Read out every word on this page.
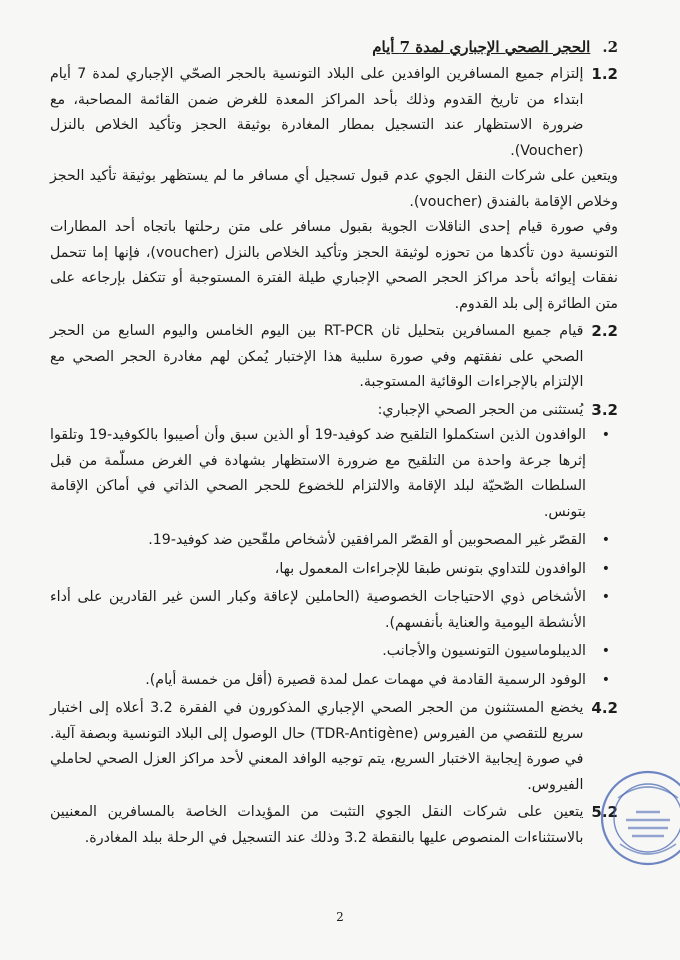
2.
الحجر الصحي الإجباري لمدة 7 أيام
1.2

إلتزام جميع المسافرين الوافدين على البلاد التونسية بالحجر الصحّي الإجباري لمدة 7 أيام ابتداء من تاريخ القدوم وذلك بأحد المراكز المعدة للغرض ضمن القائمة المصاحبة، مع ضرورة الاستظهار عند التسجيل بمطار المغادرة بوثيقة الحجز وتأكيد الخلاص بالنزل (Voucher).

ويتعين على شركات النقل الجوي عدم قبول تسجيل أي مسافر ما لم يستظهر بوثيقة تأكيد الحجز وخلاص الإقامة بالفندق (voucher).

وفي صورة قيام إحدى الناقلات الجوية بقبول مسافر على متن رحلتها باتجاه أحد المطارات التونسية دون تأكدها من تحوزه لوثيقة الحجز وتأكيد الخلاص بالنزل (voucher)، فإنها إما تتحمل نفقات إيوائه بأحد مراكز الحجر الصحي الإجباري طيلة الفترة المستوجبة أو تتكفل بإرجاعه على متن الطائرة إلى بلد القدوم.

2.2

قيام جميع المسافرين بتحليل ثان RT-PCR بين اليوم الخامس واليوم السابع من الحجر الصحي على نفقتهم وفي صورة سلبية هذا الإختبار يُمكن لهم مغادرة الحجر الصحي مع الإلتزام بالإجراءات الوقائية المستوجبة.

3.2

يُستثنى من الحجر الصحي الإجباري:

•
الوافدون الذين استكملوا التلقيح ضد كوفيد-19 أو الذين سبق وأن أصيبوا بالكوفيد-19 وتلقوا إثرها جرعة واحدة من التلقيح مع ضرورة الاستظهار بشهادة في الغرض مسلّمة من قبل السلطات الصّحيّة لبلد الإقامة والالتزام للخضوع للحجر الصحي الذاتي في أماكن الإقامة بتونس.
•
القصّر غير المصحوبين أو القصّر المرافقين لأشخاص ملقّحين ضد كوفيد-19.
•
الوافدون للتداوي بتونس طبقا للإجراءات المعمول بها،
•
الأشخاص ذوي الاحتياجات الخصوصية (الحاملين لإعاقة وكبار السن غير القادرين على أداء الأنشطة اليومية والعناية بأنفسهم).
•
الديبلوماسيون التونسيون والأجانب.
•
الوفود الرسمية القادمة في مهمات عمل لمدة قصيرة (أقل من خمسة أيام).
4.2

يخضع المستثنون من الحجر الصحي الإجباري المذكورون في الفقرة 3.2 أعلاه إلى اختبار سريع للتقصي من الفيروس (TDR-Antigène) حال الوصول إلى البلاد التونسية وبصفة آلية. في صورة إيجابية الاختبار السريع، يتم توجيه الوافد المعني لأحد مراكز العزل الصحي لحاملي الفيروس.

5.2

يتعين على شركات النقل الجوي التثبت من المؤيدات الخاصة بالمسافرين المعنيين بالاستثناءات المنصوص عليها بالنقطة 3.2 وذلك عند التسجيل في الرحلة ببلد المغادرة.

2
